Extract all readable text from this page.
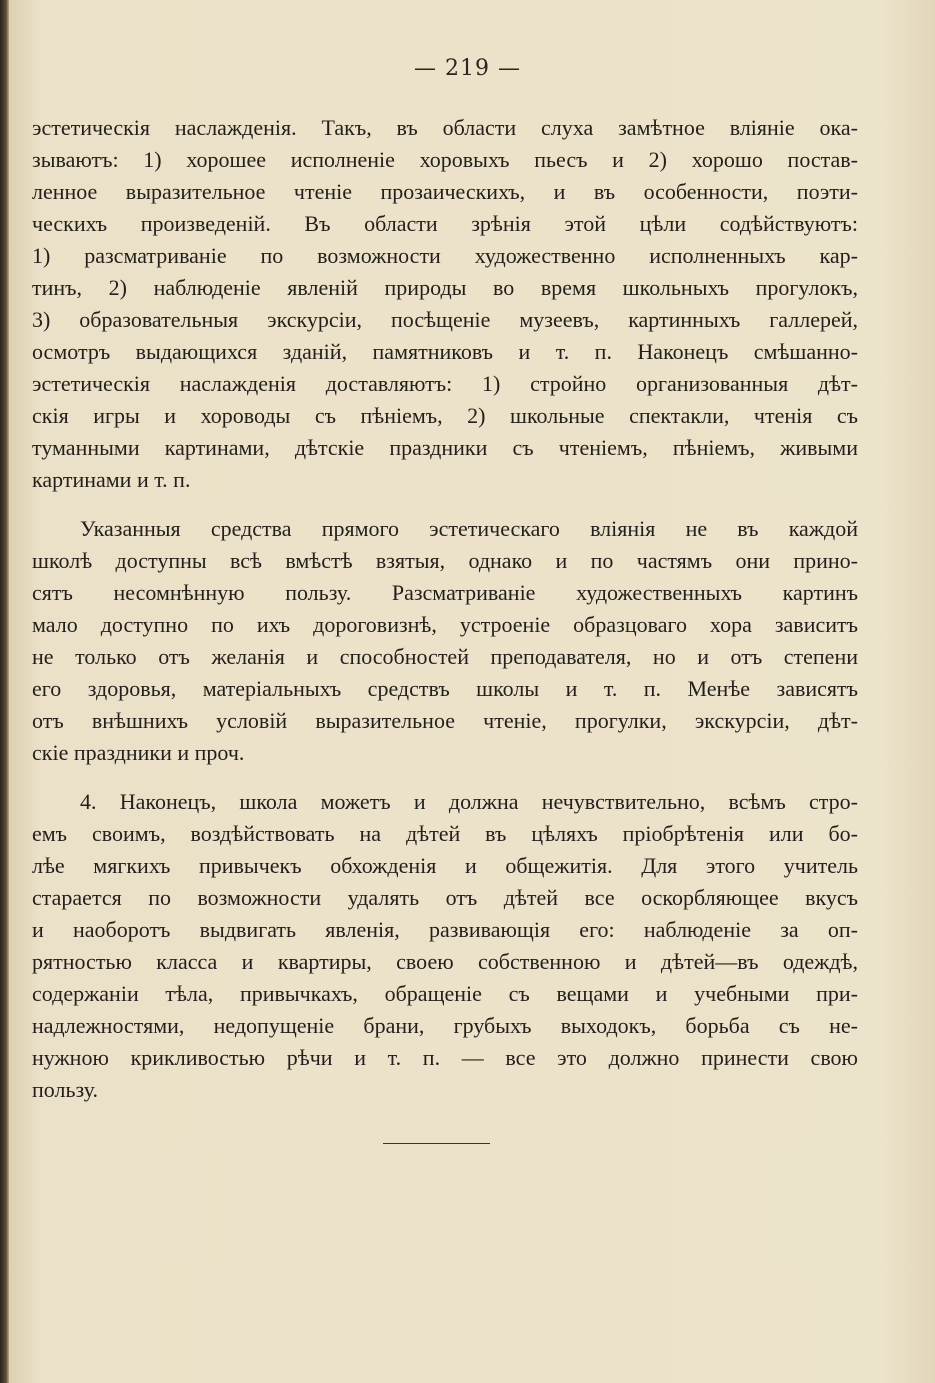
— 219 —
эстетическія наслажденія. Такъ, въ области слуха замѣтное вліяніе ока-
зываютъ: 1) хорошее исполненіе хоровыхъ пьесъ и 2) хорошо постав-
ленное выразительное чтеніе прозаическихъ, и въ особенности, поэти-
ческихъ произведеній. Въ области зрѣнія этой цѣли содѣйствуютъ:
1) разсматриваніе по возможности художественно исполненныхъ кар-
тинъ, 2) наблюденіе явленій природы во время школьныхъ прогулокъ,
3) образовательныя экскурсіи, посѣщеніе музеевъ, картинныхъ галлерей,
осмотръ выдающихся зданій, памятниковъ и т. п. Наконецъ смѣшанно-
эстетическія наслажденія доставляютъ: 1) стройно организованныя дѣт-
скія игры и хороводы съ пѣніемъ, 2) школьные спектакли, чтенія съ
туманными картинами, дѣтскіе праздники съ чтеніемъ, пѣніемъ, живыми
картинами и т. п.
Указанныя средства прямого эстетическаго вліянія не въ каждой
школѣ доступны всѣ вмѣстѣ взятыя, однако и по частямъ они прино-
сятъ несомнѣнную пользу. Разсматриваніе художественныхъ картинъ
мало доступно по ихъ дороговизнѣ, устроеніе образцоваго хора зависитъ
не только отъ желанія и способностей преподавателя, но и отъ степени
его здоровья, матеріальныхъ средствъ школы и т. п. Менѣе зависятъ
отъ внѣшнихъ условій выразительное чтеніе, прогулки, экскурсіи, дѣт-
скіе праздники и проч.
4. Наконецъ, школа можетъ и должна нечувствительно, всѣмъ стро-
емъ своимъ, воздѣйствовать на дѣтей въ цѣляхъ пріобрѣтенія или бо-
лѣе мягкихъ привычекъ обхожденія и общежитія. Для этого учитель
старается по возможности удалять отъ дѣтей все оскорбляющее вкусъ
и наоборотъ выдвигать явленія, развивающія его: наблюденіе за оп-
рятностью класса и квартиры, своею собственною и дѣтей—въ одеждѣ,
содержаніи тѣла, привычкахъ, обращеніе съ вещами и учебными при-
надлежностями, недопущеніе брани, грубыхъ выходокъ, борьба съ не-
нужною крикливостью рѣчи и т. п. — все это должно принести свою
пользу.
